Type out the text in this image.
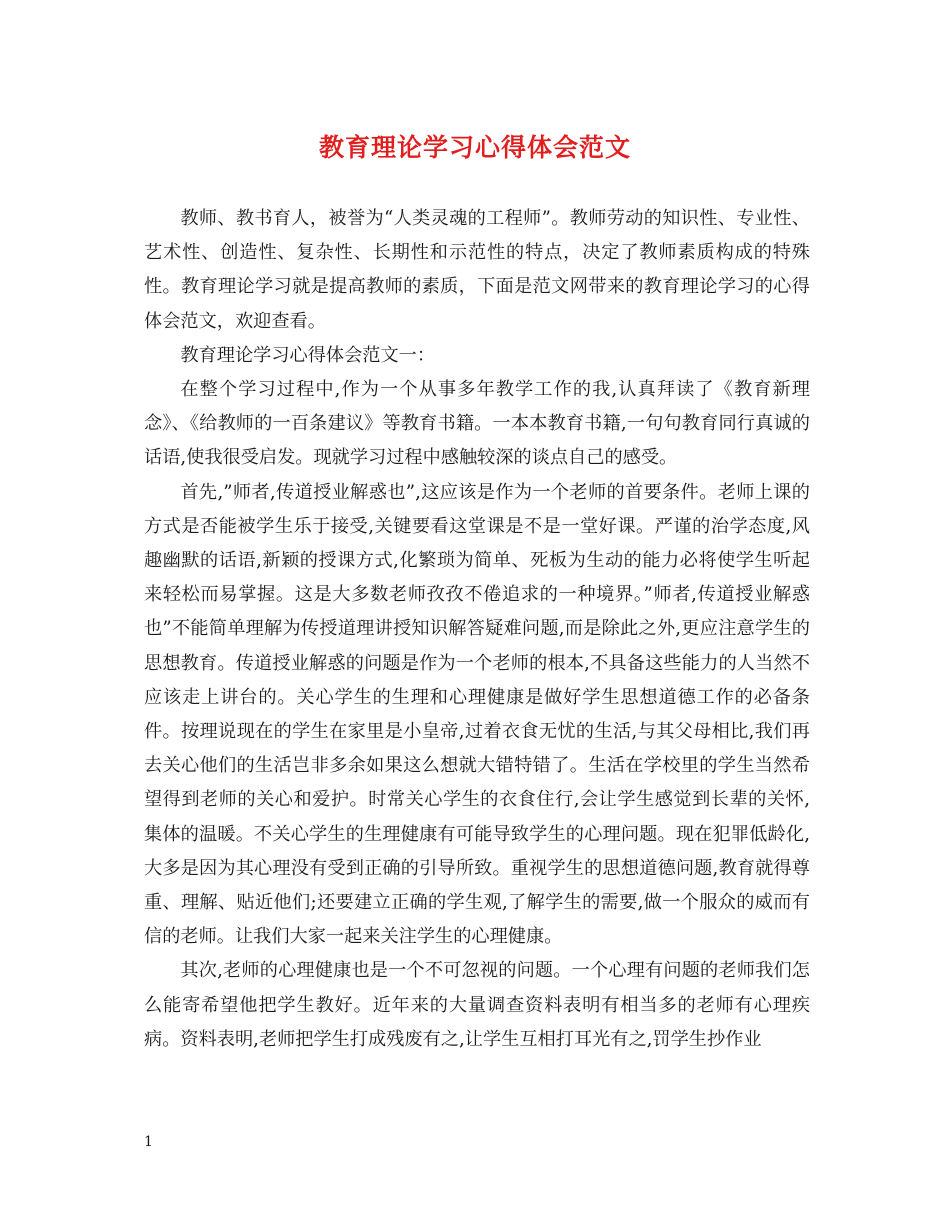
教育理论学习心得体会范文

教师、教书育人，被誉为“人类灵魂的工程师”。教师劳动的知识性、专业性、艺术性、创造性、复杂性、长期性和示范性的特点，决定了教师素质构成的特殊性。教育理论学习就是提高教师的素质，下面是范文网带来的教育理论学习的心得体会范文，欢迎查看。

教育理论学习心得体会范文一：

在整个学习过程中,作为一个从事多年教学工作的我,认真拜读了《教育新理念》、《给教师的一百条建议》等教育书籍。一本本教育书籍,一句句教育同行真诚的话语,使我很受启发。现就学习过程中感触较深的谈点自己的感受。

首先,”师者,传道授业解惑也”,这应该是作为一个老师的首要条件。老师上课的方式是否能被学生乐于接受,关键要看这堂课是不是一堂好课。严谨的治学态度,风趣幽默的话语,新颖的授课方式,化繁琐为简单、死板为生动的能力必将使学生听起来轻松而易掌握。这是大多数老师孜孜不倦追求的一种境界。”师者,传道授业解惑也”不能简单理解为传授道理讲授知识解答疑难问题,而是除此之外,更应注意学生的思想教育。传道授业解惑的问题是作为一个老师的根本,不具备这些能力的人当然不应该走上讲台的。关心学生的生理和心理健康是做好学生思想道德工作的必备条件。按理说现在的学生在家里是小皇帝,过着衣食无忧的生活,与其父母相比,我们再去关心他们的生活岂非多余如果这么想就大错特错了。生活在学校里的学生当然希望得到老师的关心和爱护。时常关心学生的衣食住行,会让学生感觉到长辈的关怀,集体的温暖。不关心学生的生理健康有可能导致学生的心理问题。现在犯罪低龄化,大多是因为其心理没有受到正确的引导所致。重视学生的思想道德问题,教育就得尊重、理解、贴近他们;还要建立正确的学生观,了解学生的需要,做一个服众的威而有信的老师。让我们大家一起来关注学生的心理健康。

其次,老师的心理健康也是一个不可忽视的问题。一个心理有问题的老师我们怎么能寄希望他把学生教好。近年来的大量调查资料表明有相当多的老师有心理疾病。资料表明,老师把学生打成残废有之,让学生互相打耳光有之,罚学生抄作业

1
